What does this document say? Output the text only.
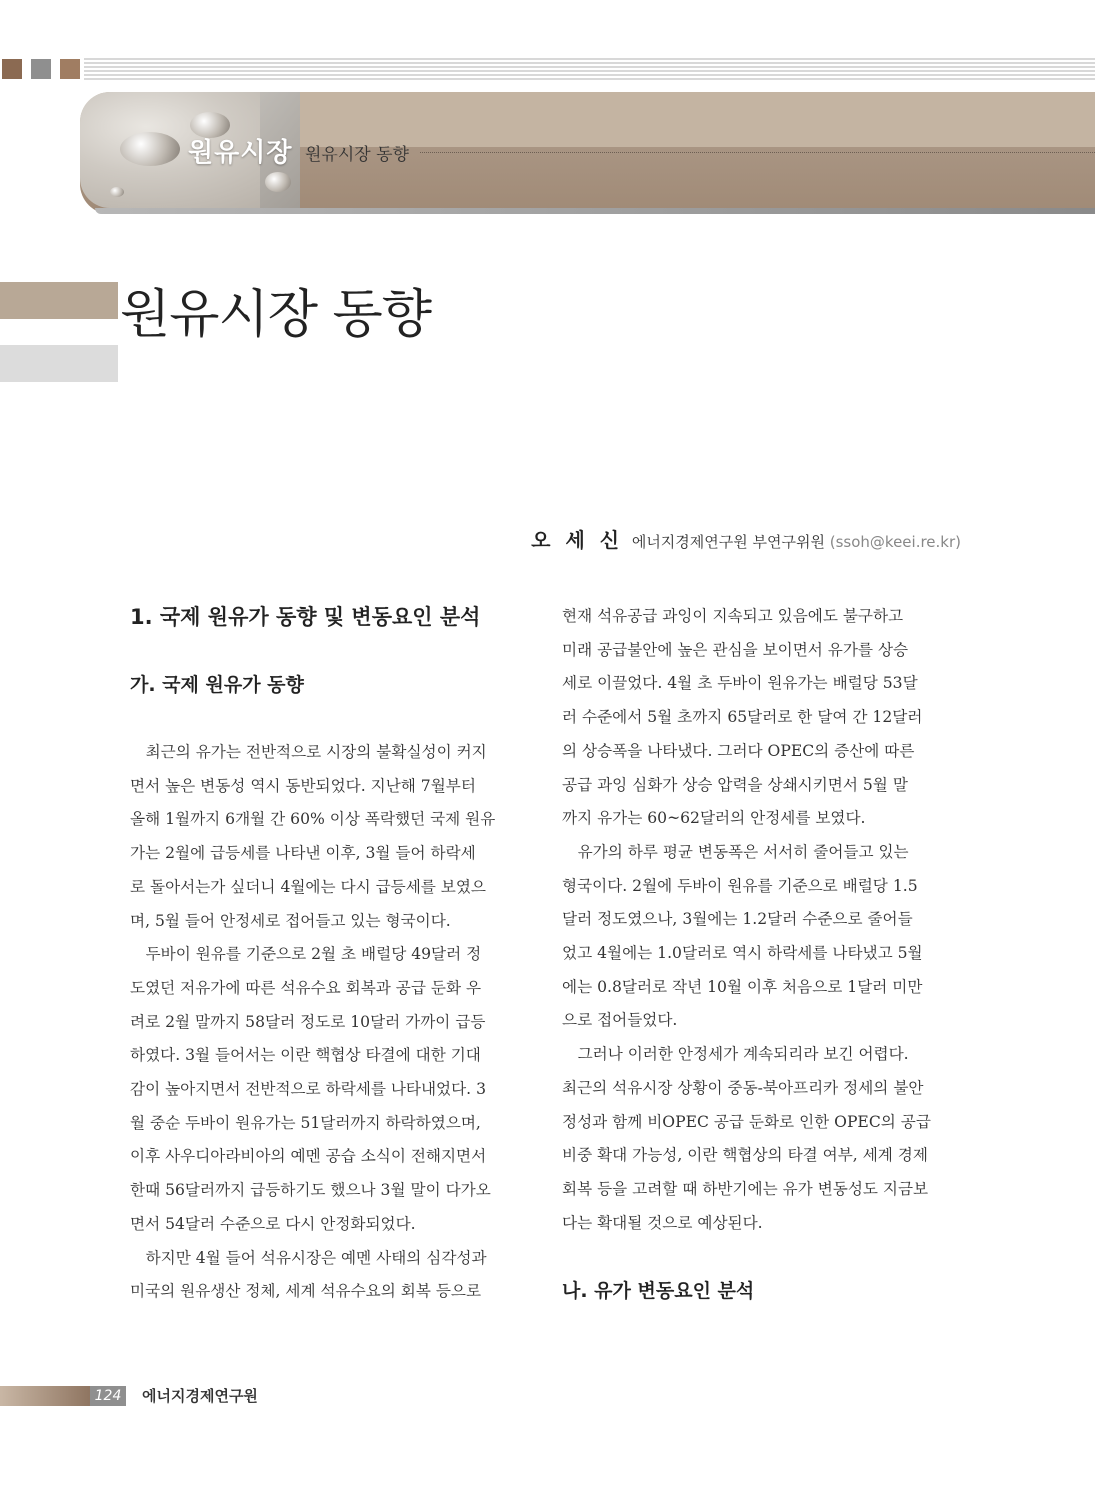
원유시장 원유시장 동향
원유시장 동향
오 세 신 에너지경제연구원 부연구위원 (ssoh@keei.re.kr)
1. 국제 원유가 동향 및 변동요인 분석
가. 국제 원유가 동향
최근의 유가는 전반적으로 시장의 불확실성이 커지
면서 높은 변동성 역시 동반되었다. 지난해 7월부터
올해 1월까지 6개월 간 60% 이상 폭락했던 국제 원유
가는 2월에 급등세를 나타낸 이후, 3월 들어 하락세
로 돌아서는가 싶더니 4월에는 다시 급등세를 보였으
며, 5월 들어 안정세로 접어들고 있는 형국이다.
두바이 원유를 기준으로 2월 초 배럴당 49달러 정
도였던 저유가에 따른 석유수요 회복과 공급 둔화 우
려로 2월 말까지 58달러 정도로 10달러 가까이 급등
하였다. 3월 들어서는 이란 핵협상 타결에 대한 기대
감이 높아지면서 전반적으로 하락세를 나타내었다. 3
월 중순 두바이 원유가는 51달러까지 하락하였으며,
이후 사우디아라비아의 예멘 공습 소식이 전해지면서
한때 56달러까지 급등하기도 했으나 3월 말이 다가오
면서 54달러 수준으로 다시 안정화되었다.
하지만 4월 들어 석유시장은 예멘 사태의 심각성과
미국의 원유생산 정체, 세계 석유수요의 회복 등으로
현재 석유공급 과잉이 지속되고 있음에도 불구하고
미래 공급불안에 높은 관심을 보이면서 유가를 상승
세로 이끌었다. 4월 초 두바이 원유가는 배럴당 53달
러 수준에서 5월 초까지 65달러로 한 달여 간 12달러
의 상승폭을 나타냈다. 그러다 OPEC의 증산에 따른
공급 과잉 심화가 상승 압력을 상쇄시키면서 5월 말
까지 유가는 60~62달러의 안정세를 보였다.
유가의 하루 평균 변동폭은 서서히 줄어들고 있는
형국이다. 2월에 두바이 원유를 기준으로 배럴당 1.5
달러 정도였으나, 3월에는 1.2달러 수준으로 줄어들
었고 4월에는 1.0달러로 역시 하락세를 나타냈고 5월
에는 0.8달러로 작년 10월 이후 처음으로 1달러 미만
으로 접어들었다.
그러나 이러한 안정세가 계속되리라 보긴 어렵다.
최근의 석유시장 상황이 중동-북아프리카 정세의 불안
정성과 함께 비OPEC 공급 둔화로 인한 OPEC의 공급
비중 확대 가능성, 이란 핵협상의 타결 여부, 세계 경제
회복 등을 고려할 때 하반기에는 유가 변동성도 지금보
다는 확대될 것으로 예상된다.
나. 유가 변동요인 분석
124	에너지경제연구원
